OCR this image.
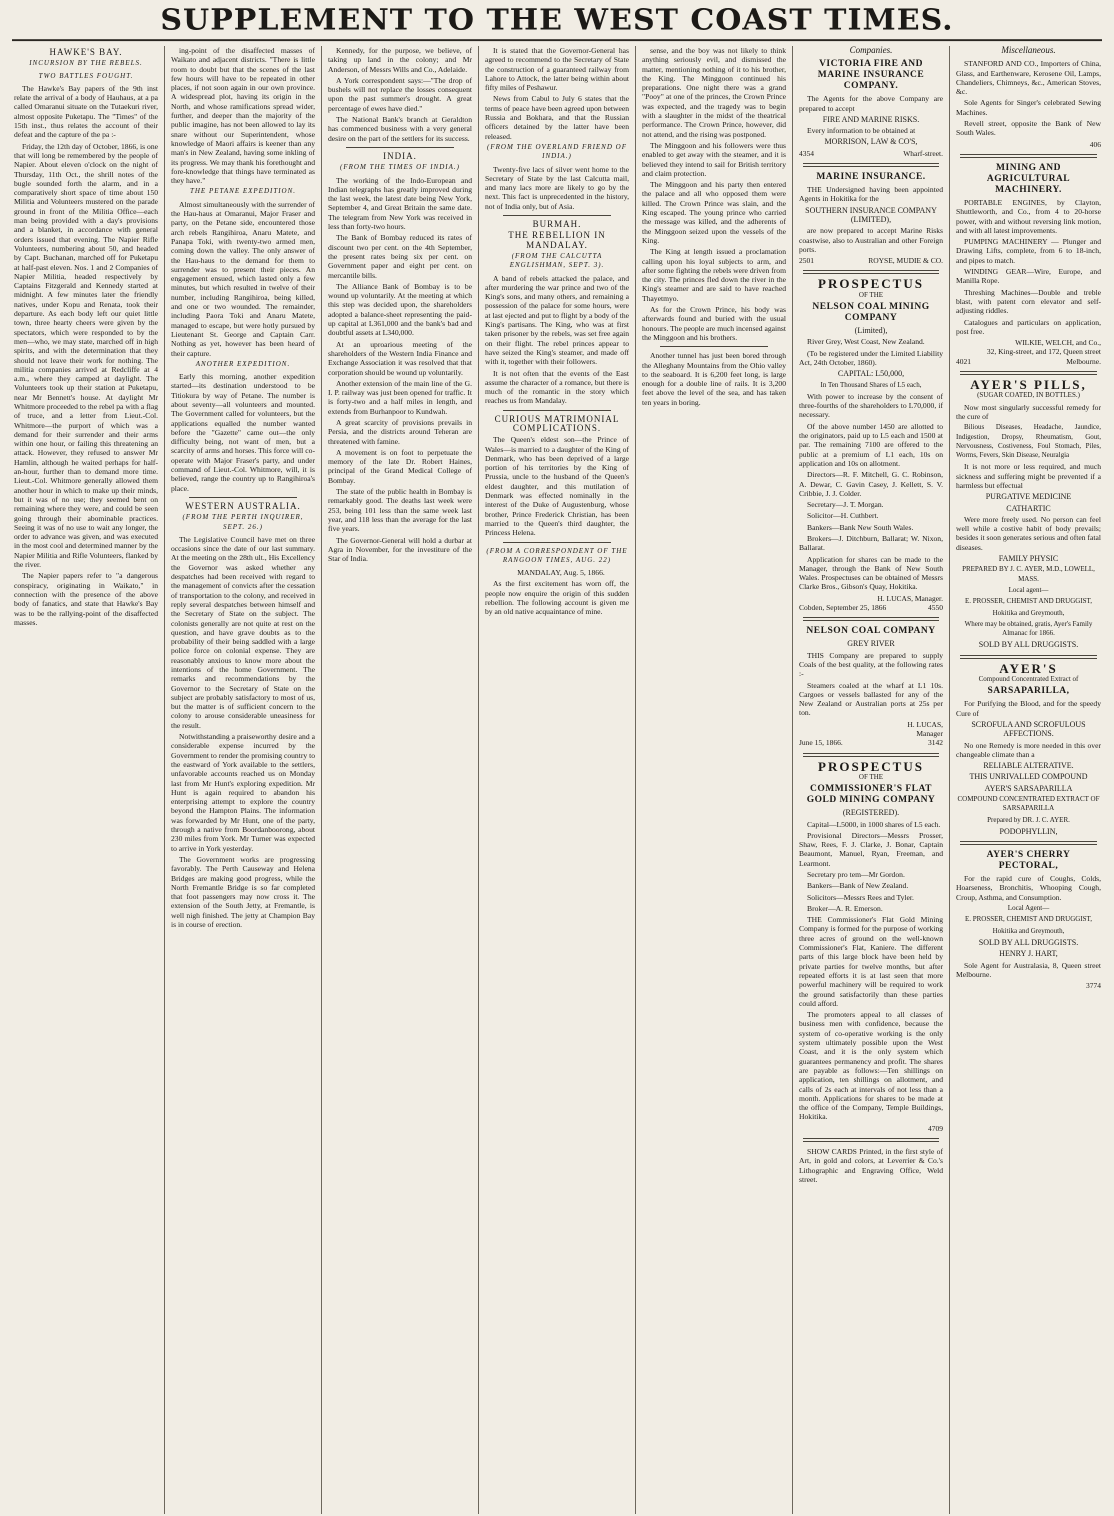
SUPPLEMENT TO THE WEST COAST TIMES.
HAWKE'S BAY.
INCURSION BY THE REBELS.
TWO BATTLES FOUGHT.

The Hawke's Bay papers of the 9th inst relate the arrival of a body of Hauhaus, at a pa called Omaranui situate on the Tutaekuri river, almost opposite Puketapu. The "Times" of the 15th inst., thus relates the account of their defeat and the capture of the pa :-

Friday, the 12th day of October, 1866, is one that will long be remembered by the people of Napier. About eleven o'clock on the night of Thursday, 11th Oct., the shrill notes of the bugle sounded forth the alarm, and in a comparatively short space of time about 150 Militia and Volunteers mustered on the parade ground in front of the Militia Office—each man being provided with a day's provisions and a blanket, in accordance with general orders issued that evening. The Napier Rifle Volunteers, numbering about 50, and headed by Capt. Buchanan, marched off for Puketapu at half-past eleven. Nos. 1 and 2 Companies of Napier Militia, headed respectively by Captains Fitzgerald and Kennedy started at midnight. A few minutes later the friendly natives, under Kopu and Renata, took their departure. As each body left our quiet little town, three hearty cheers were given by the spectators, which were responded to by the men—who, we may state, marched off in high spirits, and with the determination that they should not leave their work for nothing. The militia companies arrived at Redcliffe at 4 a.m., where they camped at daylight. The Volunteers took up their station at Puketapu, near Mr Bennett's house. At daylight Mr Whitmore proceeded to the rebel pa with a flag of truce, and a letter from Lieut.-Col. Whitmore—the purport of which was a demand for their surrender and their arms within one hour, or failing this threatening an attack. However, they refused to answer Mr Hamlin, although he waited perhaps for half-an-hour, further than to demand more time. Lieut.-Col. Whitmore generally allowed them another hour in which to make up their minds, but it was of no use; they seemed bent on remaining where they were, and could be seen going through their abominable practices. Seeing it was of no use to wait any longer, the order to advance was given, and was executed in the most cool and determined manner by the Napier Militia and Rifle Volunteers, flanked by the river.

The Napier papers refer to "a dangerous conspiracy, originating in Waikato," in connection with the presence of the above body of fanatics, and state that Hawke's Bay was to be the rallying-point of the disaffected masses.

ing-point of the disaffected masses of Waikato and adjacent districts. "There is little room to doubt but that the scenes of the last few hours will have to be repeated in other places, if not soon again in our own province. A widespread plot, having its origin in the North, and whose ramifications spread wider, further, and deeper than the majority of the public imagine, has not been allowed to lay its snare without our Superintendent, whose knowledge of Maori affairs is keener than any man's in New Zealand, having some inkling of its progress. We may thank his forethought and fore-knowledge that things have terminated as they have."

THE PETANE EXPEDITION.

Almost simultaneously with the surrender of the Hau-haus at Omaranui, Major Fraser and party, on the Petane side, encountered those arch rebels Rangihiroa, Anaru Matete, and Panapa Toki, with twenty-two armed men, coming down the valley. The only answer of the Hau-haus to the demand for them to surrender was to present their pieces. An engagement ensued, which lasted only a few minutes, but which resulted in twelve of their number, including Rangihiroa, being killed, and one or two wounded. The remainder, including Paora Toki and Anaru Matete, managed to escape, but were hotly pursued by Lieutenant St. George and Captain Carr. Nothing as yet, however has been heard of their capture.

ANOTHER EXPEDITION.

Early this morning, another expedition started—its destination understood to be Titiokura by way of Petane. The number is about seventy—all volunteers and mounted. The Government called for volunteers, but the applications equalled the number wanted before the "Gazette" came out—the only difficulty being, not want of men, but a scarcity of arms and horses. This force will co-operate with Major Fraser's party, and under command of Lieut.-Col. Whitmore, will, it is believed, range the country up to Rangihiroa's place.

WESTERN AUSTRALIA.
(FROM THE PERTH INQUIRER, SEPT. 26.)

The Legislative Council have met on three occasions since the date of our last summary. At the meeting on the 28th ult., His Excellency the Governor was asked whether any despatches had been received with regard to the management of convicts after the cessation of transportation to the colony, and received in reply several despatches between himself and the Secretary of State on the subject. The colonists generally are not quite at rest on the question, and have grave doubts as to the probability of their being saddled with a large police force on colonial expense. They are reasonably anxious to know more about the intentions of the home Government. The remarks and recommendations by the Governor to the Secretary of State on the subject are probably satisfactory to most of us, but the matter is of sufficient concern to the colony to arouse considerable uneasiness for the result.

Notwithstanding a praiseworthy desire and a considerable expense incurred by the Government to render the promising country to the eastward of York available to the settlers, unfavorable accounts reached us on Monday last from Mr Hunt's exploring expedition. Mr Hunt is again required to abandon his enterprising attempt to explore the country beyond the Hampton Plains. The information was forwarded by Mr Hunt, one of the party, through a native from Boordanboorong, about 230 miles from York. Mr Turner was expected to arrive in York yesterday.

The Government works are progressing favorably. The Perth Causeway and Helena Bridges are making good progress, while the North Fremantle Bridge is so far completed that foot passengers may now cross it. The extension of the South Jetty, at Fremantle, is well nigh finished. The jetty at Champion Bay is in course of erection.

Kennedy, for the purpose, we believe, of taking up land in the colony; and Mr Anderson, of Messrs Wills and Co., Adelaide.

A York correspondent says:—"The drop of bushels will not replace the losses consequent upon the past summer's drought. A great percentage of ewes have died."

The National Bank's branch at Geraldton has commenced business with a very general desire on the part of the settlers for its success.

INDIA.
(FROM THE TIMES OF INDIA.)

The working of the Indo-European and Indian telegraphs has greatly improved during the last week, the latest date being New York, September 4, and Great Britain the same date. The telegram from New York was received in less than forty-two hours.

The Bank of Bombay reduced its rates of discount two per cent. on the 4th September, the present rates being six per cent. on Government paper and eight per cent. on mercantile bills.

The Alliance Bank of Bombay is to be wound up voluntarily. At the meeting at which this step was decided upon, the shareholders adopted a balance-sheet representing the paid-up capital at L361,000 and the bank's bad and doubtful assets at L340,000.

At an uproarious meeting of the shareholders of the Western India Finance and Exchange Association it was resolved that that corporation should be wound up voluntarily.

Another extension of the main line of the G. I. P. railway was just been opened for traffic. It is forty-two and a half miles in length, and extends from Burhanpoor to Kundwah.

A great scarcity of provisions prevails in Persia, and the districts around Teheran are threatened with famine.

A movement is on foot to perpetuate the memory of the late Dr. Robert Haines, principal of the Grand Medical College of Bombay.

The state of the public health in Bombay is remarkably good. The deaths last week were 253, being 101 less than the same week last year, and 118 less than the average for the last five years.

The Governor-General will hold a durbar at Agra in November, for the investiture of the Star of India.

It is stated that the Governor-General has agreed to recommend to the Secretary of State the construction of a guaranteed railway from Lahore to Attock, the latter being within about fifty miles of Peshawur.

News from Cabul to July 6 states that the terms of peace have been agreed upon between Russia and Bokhara, and that the Russian officers detained by the latter have been released.

(FROM THE OVERLAND FRIEND OF INDIA.)

Twenty-five lacs of silver went home to the Secretary of State by the last Calcutta mail, and many lacs more are likely to go by the next. This fact is unprecedented in the history, not of India only, but of Asia.

BURMAH.
THE REBELLION IN MANDALAY.
(FROM THE CALCUTTA ENGLISHMAN, SEPT. 3).

A band of rebels attacked the palace, and after murdering the war prince and two of the King's sons, and many others, and remaining a possession of the palace for some hours, were at last ejected and put to flight by a body of the King's partisans. The King, who was at first taken prisoner by the rebels, was set free again on their flight. The rebel princes appear to have seized the King's steamer, and made off with it, together with their followers.

It is not often that the events of the East assume the character of a romance, but there is much of the romantic in the story which reaches us from Mandalay.

CURIOUS MATRIMONIAL COMPLICATIONS.

The Queen's eldest son—the Prince of Wales—is married to a daughter of the King of Denmark, who has been deprived of a large portion of his territories by the King of Prussia, uncle to the husband of the Queen's eldest daughter, and this mutilation of Denmark was effected nominally in the interest of the Duke of Augustenburg, whose brother, Prince Frederick Christian, has been married to the Queen's third daughter, the Princess Helena.

(FROM A CORRESPONDENT OF THE RANGOON TIMES, AUG. 22)

MANDALAY, Aug. 5, 1866.

As the first excitement has worn off, the people now enquire the origin of this sudden rebellion. The following account is given me by an old native acquaintance of mine.

sense, and the boy was not likely to think anything seriously evil, and dismissed the matter, mentioning nothing of it to his brother, the King. The Minggoon continued his preparations. One night there was a grand "Pooy" at one of the princes, the Crown Prince was expected, and the tragedy was to begin with a slaughter in the midst of the theatrical performance. The Crown Prince, however, did not attend, and the rising was postponed.

The Minggoon and his followers were thus enabled to get away with the steamer, and it is believed they intend to sail for British territory and claim protection.

The Minggoon and his party then entered the palace and all who opposed them were killed. The Crown Prince was slain, and the King escaped. The young prince who carried the message was killed, and the adherents of the Minggoon seized upon the vessels of the King.

The King at length issued a proclamation calling upon his loyal subjects to arm, and after some fighting the rebels were driven from the city. The princes fled down the river in the King's steamer and are said to have reached Thayetmyo.

As for the Crown Prince, his body was afterwards found and buried with the usual honours. The people are much incensed against the Minggoon and his brothers.

Another tunnel has just been bored through the Alleghany Mountains from the Ohio valley to the seaboard. It is 6,200 feet long, is large enough for a double line of rails. It is 3,200 feet above the level of the sea, and has taken ten years in boring.

Companies.
VICTORIA FIRE AND MARINE INSURANCE COMPANY.

The Agents for the above Company are prepared to accept

FIRE AND MARINE RISKS.

Every information to be obtained at

MORRISON, LAW & CO'S,
4354	Wharf-street.
MARINE INSURANCE.

THE Undersigned having been appointed Agents in Hokitika for the

SOUTHERN INSURANCE COMPANY (LIMITED),

are now prepared to accept Marine Risks coastwise, also to Australian and other Foreign ports.

2501	ROYSE, MUDIE & CO.
PROSPECTUS
OF THE
NELSON COAL MINING COMPANY
(Limited),

River Grey, West Coast, New Zealand.

(To be registered under the Limited Liability Act, 24th October, 1860).

CAPITAL: L50,000,
In Ten Thousand Shares of L5 each,

With power to increase by the consent of three-fourths of the shareholders to L70,000, if necessary.

Of the above number 1450 are allotted to the originators, paid up to L5 each and 1500 at par. The remaining 7100 are offered to the public at a premium of L1 each, 10s on application and 10s on allotment.

Directors—R. F. Mitchell, G. C. Robinson, A. Dewar, C. Gavin Casey, J. Kellett, S. V. Cribbie, J. J. Colder.

Secretary—J. T. Morgan.

Solicitor—H. Cuthbert.

Bankers—Bank New South Wales.

Brokers—J. Ditchburn, Ballarat; W. Nixon, Ballarat.

Application for shares can be made to the Manager, through the Bank of New South Wales. Prospectuses can be obtained of Messrs Clarke Bros., Gibson's Quay, Hokitika.

H. LUCAS, Manager.
Cobden, September 25, 1866	4550
NELSON COAL COMPANY
GREY RIVER

THIS Company are prepared to supply Coals of the best quality, at the following rates :-

Steamers coaled at the wharf at L1 10s. Cargoes or vessels ballasted for any of the New Zealand or Australian ports at 25s per ton.

H. LUCAS,
Manager
June 15, 1866.	3142
PROSPECTUS
OF THE
COMMISSIONER'S FLAT GOLD MINING COMPANY
(REGISTERED).

Capital—L5000, in 1000 shares of L5 each.

Provisional Directors—Messrs Prosser, Shaw, Rees, F. J. Clarke, J. Bonar, Captain Beaumont, Manuel, Ryan, Freeman, and Learmont.

Secretary pro tem—Mr Gordon.

Bankers—Bank of New Zealand.

Solicitors—Messrs Rees and Tyler.

Broker—A. R. Emerson.

THE Commissioner's Flat Gold Mining Company is formed for the purpose of working three acres of ground on the well-known Commissioner's Flat, Kaniere. The different parts of this large block have been held by private parties for twelve months, but after repeated efforts it is at last seen that more powerful machinery will be required to work the ground satisfactorily than these parties could afford.

The promoters appeal to all classes of business men with confidence, because the system of co-operative working is the only system ultimately possible upon the West Coast, and it is the only system which guarantees permanency and profit. The shares are payable as follows:—Ten shillings on application, ten shillings on allotment, and calls of 2s each at intervals of not less than a month. Applications for shares to be made at the office of the Company, Temple Buildings, Hokitika.

4709

SHOW CARDS Printed, in the first style of Art, in gold and colors, at Leverrier & Co.'s Lithographic and Engraving Office, Weld street.

Miscellaneous.

STANFORD AND CO., Importers of China, Glass, and Earthenware, Kerosene Oil, Lamps, Chandeliers, Chimneys, &c., American Stoves, &c.

Sole Agents for Singer's celebrated Sewing Machines.

Revell street, opposite the Bank of New South Wales.

406
MINING AND AGRICULTURAL MACHINERY.

PORTABLE ENGINES, by Clayton, Shuttleworth, and Co., from 4 to 20-horse power, with and without reversing link motion, and with all latest improvements.

PUMPING MACHINERY — Plunger and Drawing Lifts, complete, from 6 to 18-inch, and pipes to match.

WINDING GEAR—Wire, Europe, and Manilla Rope.

Threshing Machines—Double and treble blast, with patent corn elevator and self-adjusting riddles.

Catalogues and particulars on application, post free.

WILKIE, WELCH, and Co.,
32, King-street, and 172, Queen street
4021	Melbourne.
AYER'S PILLS,
(SUGAR COATED, IN BOTTLES.)

Now most singularly successful remedy for the cure of

Bilious Diseases, Headache, Jaundice, Indigestion, Dropsy, Rheumatism, Gout, Nervousness, Costiveness, Foul Stomach, Piles, Worms, Fevers, Skin Disease, Neuralgia

It is not more or less required, and much sickness and suffering might be prevented if a harmless but effectual

PURGATIVE MEDICINE
CATHARTIC

Were more freely used. No person can feel well while a costive habit of body prevails; besides it soon generates serious and often fatal diseases.

FAMILY PHYSIC
PREPARED BY J. C. AYER, M.D., LOWELL, MASS.
Local agent—
E. PROSSER, CHEMIST AND DRUGGIST,
Hokitika and Greymouth,
Where may be obtained, gratis, Ayer's Family Almanac for 1866.
SOLD BY ALL DRUGGISTS.
AYER'S
Compound Concentrated Extract of
SARSAPARILLA,

For Purifying the Blood, and for the speedy Cure of

SCROFULA AND SCROFULOUS AFFECTIONS.

No one Remedy is more needed in this over changeable climate than a

RELIABLE ALTERATIVE.
THIS UNRIVALLED COMPOUND
AYER'S SARSAPARILLA
COMPOUND CONCENTRATED EXTRACT OF SARSAPARILLA
Prepared by DR. J. C. AYER.
PODOPHYLLIN,
AYER'S CHERRY PECTORAL,

For the rapid cure of Coughs, Colds, Hoarseness, Bronchitis, Whooping Cough, Croup, Asthma, and Consumption.

Local Agent—
E. PROSSER, CHEMIST AND DRUGGIST,
Hokitika and Greymouth,
SOLD BY ALL DRUGGISTS.
HENRY J. HART,

Sole Agent for Australasia, 8, Queen street Melbourne.

3774
